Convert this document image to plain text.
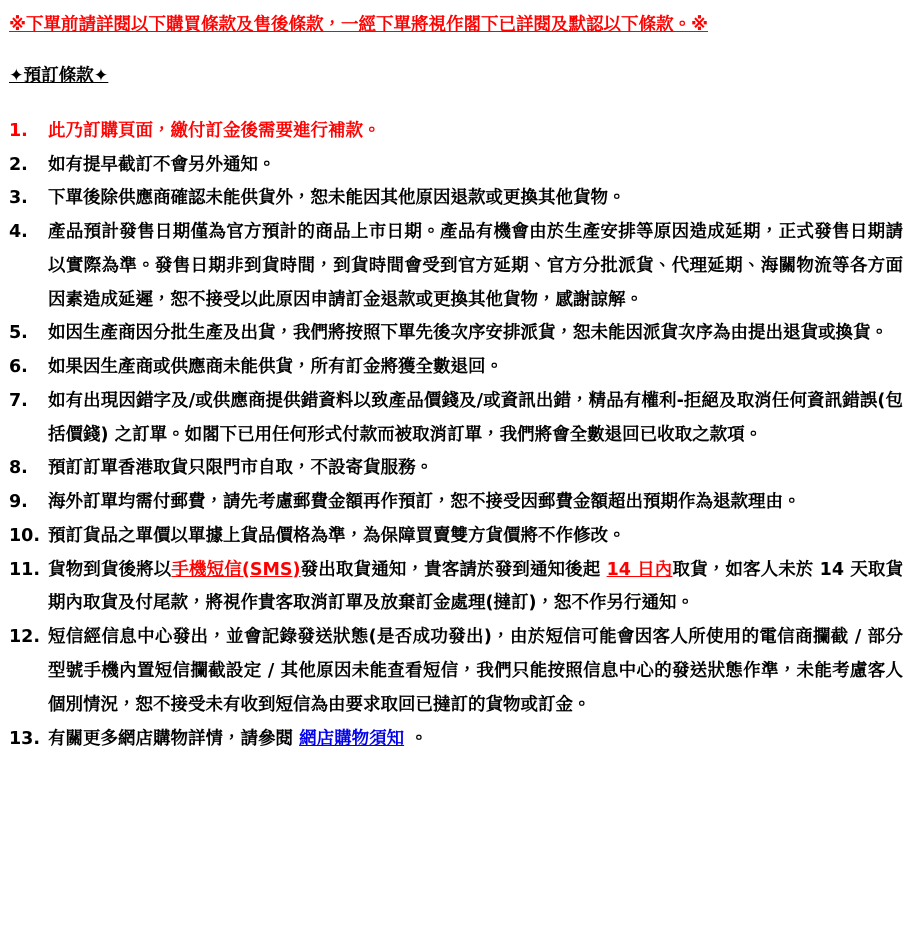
※下單前請詳閱以下購買條款及售後條款，一經下單將視作閣下已詳閱及默認以下條款。※
✦預訂條款✦
1.	此乃訂購頁面，繳付訂金後需要進行補款。
2.	如有提早截訂不會另外通知。
3.	下單後除供應商確認未能供貨外，恕未能因其他原因退款或更換其他貨物。
4.	產品預計發售日期僅為官方預計的商品上市日期。產品有機會由於生產安排等原因造成延期，正式發售日期請以實際為準。發售日期非到貨時間，到貨時間會受到官方延期、官方分批派貨、代理延期、海關物流等各方面因素造成延遲，恕不接受以此原因申請訂金退款或更換其他貨物，感謝諒解。
5.	如因生產商因分批生產及出貨，我們將按照下單先後次序安排派貨，恕未能因派貨次序為由提出退貨或換貨。
6.	如果因生產商或供應商未能供貨，所有訂金將獲全數退回。
7.	如有出現因錯字及/或供應商提供錯資料以致產品價錢及/或資訊出錯，精品有權利-拒絕及取消任何資訊錯誤(包括價錢) 之訂單。如閣下已用任何形式付款而被取消訂單，我們將會全數退回已收取之款項。
8.	預訂訂單香港取貨只限門市自取，不設寄貨服務。
9.	海外訂單均需付郵費，請先考慮郵費金額再作預訂，恕不接受因郵費金額超出預期作為退款理由。
10. 預訂貨品之單價以單據上貨品價格為準，為保障買賣雙方貨價將不作修改。
11. 貨物到貨後將以手機短信(SMS)發出取貨通知，貴客請於發到通知後起 14 日內取貨，如客人未於 14 天取貨期內取貨及付尾款，將視作貴客取消訂單及放棄訂金處理(撻訂)，恕不作另行通知。
12. 短信經信息中心發出，並會記錄發送狀態(是否成功發出)，由於短信可能會因客人所使用的電信商攔截 / 部分型號手機內置短信攔截設定 / 其他原因未能查看短信，我們只能按照信息中心的發送狀態作準，未能考慮客人個別情況，恕不接受未有收到短信為由要求取回已撻訂的貨物或訂金。
13. 有關更多網店購物詳情，請參閱 網店購物須知 。
